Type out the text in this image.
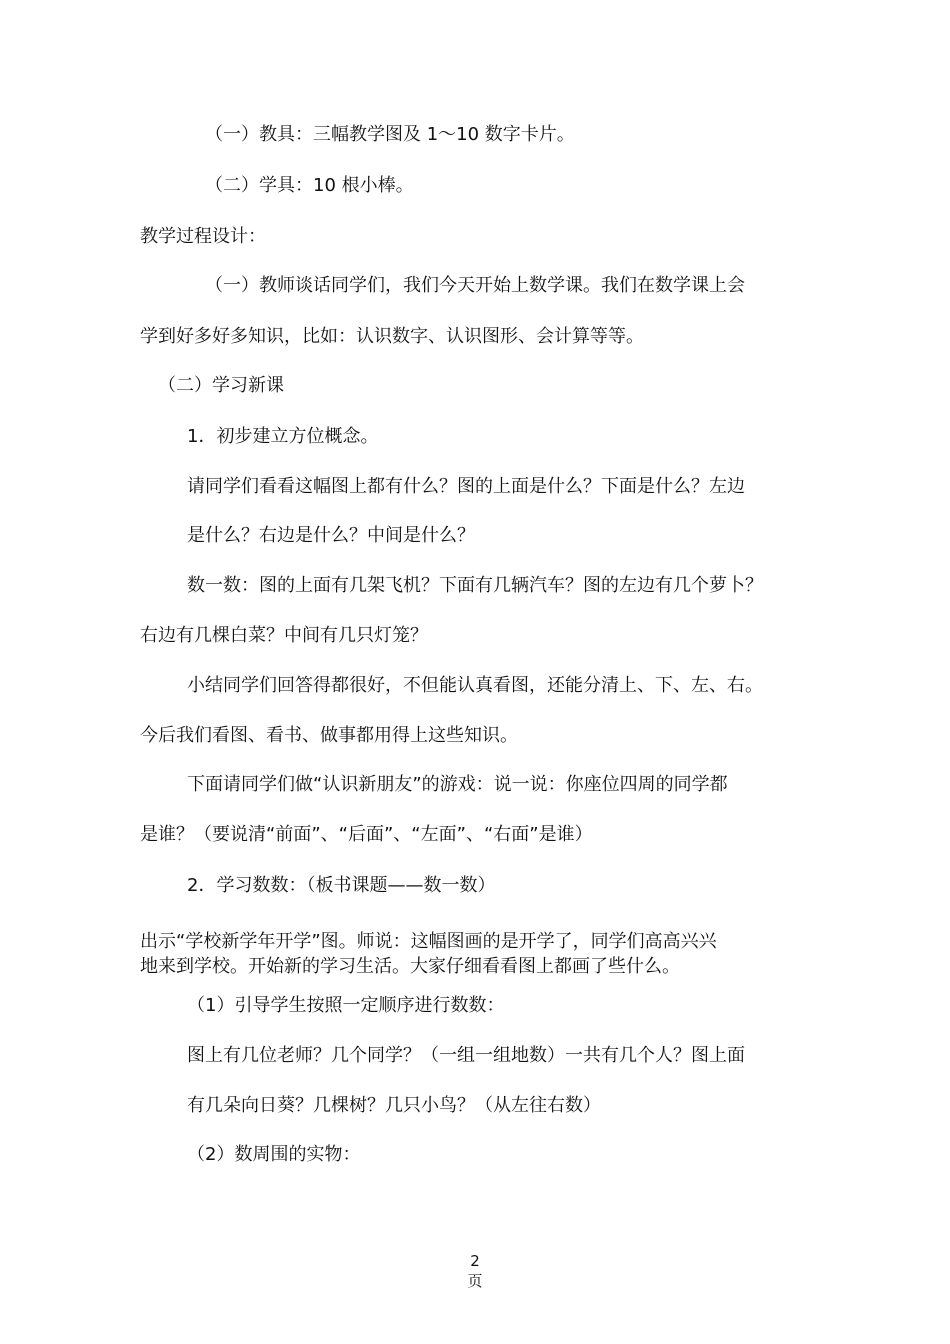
（一）教具：三幅教学图及 1～10 数字卡片。
（二）学具：10 根小棒。
教学过程设计：
（一）教师谈话同学们，我们今天开始上数学课。我们在数学课上会
学到好多好多知识，比如：认识数字、认识图形、会计算等等。
（二）学习新课
1．初步建立方位概念。
请同学们看看这幅图上都有什么？图的上面是什么？下面是什么？左边
是什么？右边是什么？中间是什么？
数一数：图的上面有几架飞机？下面有几辆汽车？图的左边有几个萝卜？
右边有几棵白菜？中间有几只灯笼？
小结同学们回答得都很好，不但能认真看图，还能分清上、下、左、右。
今后我们看图、看书、做事都用得上这些知识。
下面请同学们做“认识新朋友”的游戏：说一说：你座位四周的同学都
是谁？（要说清“前面”、“后面”、“左面”、“右面”是谁）
2．学习数数：（板书课题——数一数）
出示“学校新学年开学”图。师说：这幅图画的是开学了，同学们高高兴兴
地来到学校。开始新的学习生活。大家仔细看看图上都画了些什么。
（1）引导学生按照一定顺序进行数数：
图上有几位老师？几个同学？（一组一组地数）一共有几个人？图上面
有几朵向日葵？几棵树？几只小鸟？（从左往右数）
（2）数周围的实物：
2
页
